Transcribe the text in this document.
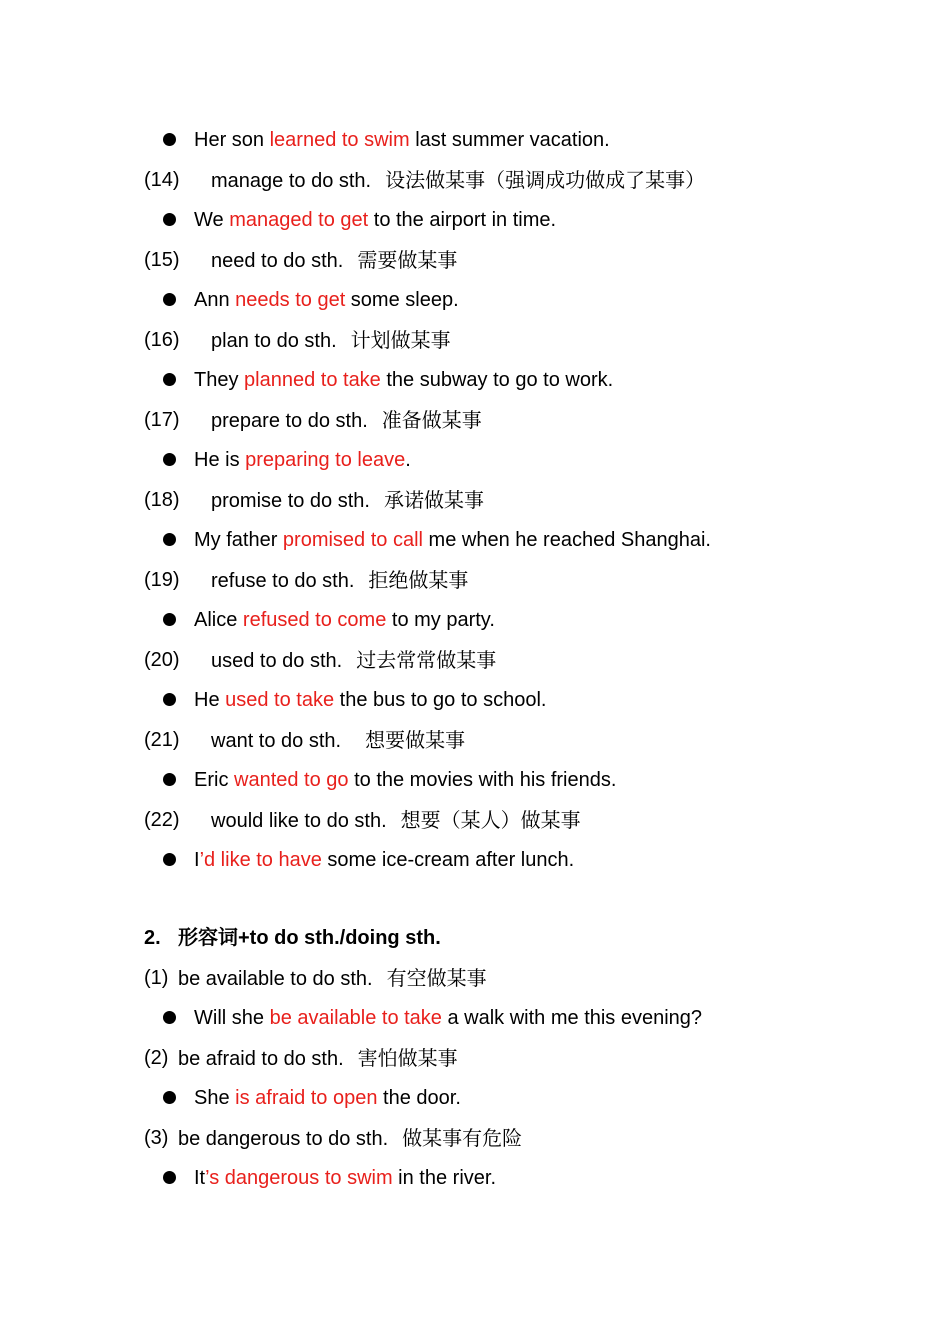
Her son learned to swim last summer vacation.
(14) manage to do sth. 设法做某事（强调成功做成了某事）
We managed to get to the airport in time.
(15) need to do sth. 需要做某事
Ann needs to get some sleep.
(16) plan to do sth. 计划做某事
They planned to take the subway to go to work.
(17) prepare to do sth. 准备做某事
He is preparing to leave.
(18) promise to do sth. 承诺做某事
My father promised to call me when he reached Shanghai.
(19) refuse to do sth. 拒绝做某事
Alice refused to come to my party.
(20) used to do sth. 过去常常做某事
He used to take the bus to go to school.
(21) want to do sth. 想要做某事
Eric wanted to go to the movies with his friends.
(22) would like to do sth. 想要（某人）做某事
I’d like to have some ice-cream after lunch.
2. 形容词+to do sth./doing sth.
(1) be available to do sth. 有空做某事
Will she be available to take a walk with me this evening?
(2) be afraid to do sth. 害怕做某事
She is afraid to open the door.
(3) be dangerous to do sth. 做某事有危险
It’s dangerous to swim in the river.
